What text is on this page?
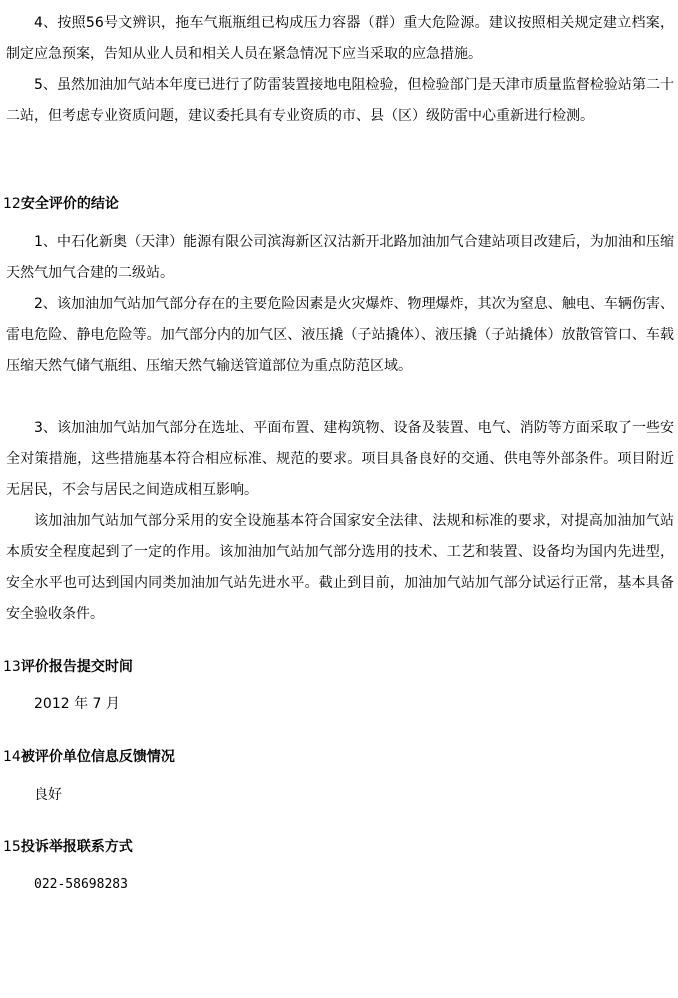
4、按照56号文辨识，拖车气瓶瓶组已构成压力容器（群）重大危险源。建议按照相关规定建立档案，制定应急预案，告知从业人员和相关人员在紧急情况下应当采取的应急措施。

5、虽然加油加气站本年度已进行了防雷装置接地电阻检验，但检验部门是天津市质量监督检验站第二十二站，但考虑专业资质问题，建议委托具有专业资质的市、县（区）级防雷中心重新进行检测。

12安全评价的结论

1、中石化新奥（天津）能源有限公司滨海新区汉沽新开北路加油加气合建站项目改建后，为加油和压缩天然气加气合建的二级站。

2、该加油加气站加气部分存在的主要危险因素是火灾爆炸、物理爆炸，其次为窒息、触电、车辆伤害、雷电危险、静电危险等。加气部分内的加气区、液压撬（子站撬体）、液压撬（子站撬体）放散管管口、车载压缩天然气储气瓶组、压缩天然气输送管道部位为重点防范区域。

3、该加油加气站加气部分在选址、平面布置、建构筑物、设备及装置、电气、消防等方面采取了一些安全对策措施，这些措施基本符合相应标准、规范的要求。项目具备良好的交通、供电等外部条件。项目附近无居民，不会与居民之间造成相互影响。

该加油加气站加气部分采用的安全设施基本符合国家安全法律、法规和标准的要求，对提高加油加气站本质安全程度起到了一定的作用。该加油加气站加气部分选用的技术、工艺和装置、设备均为国内先进型，安全水平也可达到国内同类加油加气站先进水平。截止到目前，加油加气站加气部分试运行正常，基本具备安全验收条件。

13评价报告提交时间
2012 年 7 月
14被评价单位信息反馈情况
良好
15投诉举报联系方式
022-58698283
